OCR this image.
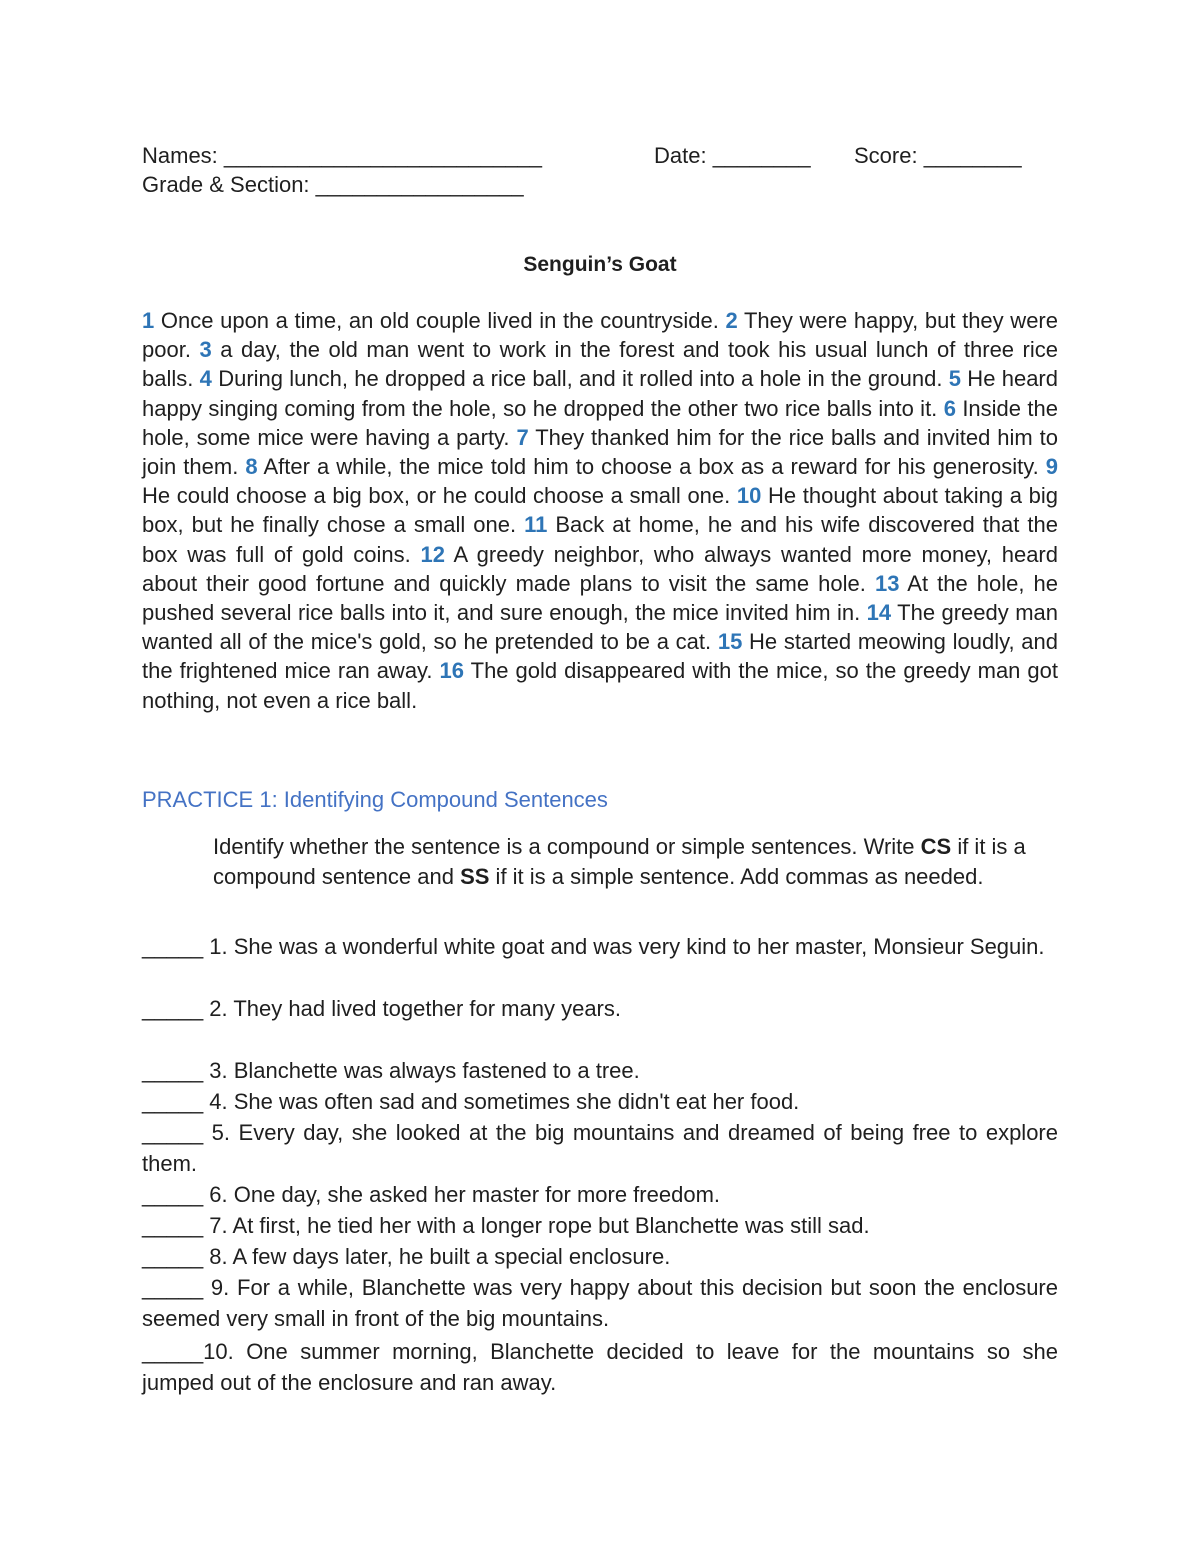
Names: __________________________	Date: ________ Score: ________
Grade & Section: _________________
Senguin’s Goat

1 Once upon a time, an old couple lived in the countryside. 2 They were happy, but they were poor. 3 a day, the old man went to work in the forest and took his usual lunch of three rice balls. 4 During lunch, he dropped a rice ball, and it rolled into a hole in the ground. 5 He heard happy singing coming from the hole, so he dropped the other two rice balls into it. 6 Inside the hole, some mice were having a party. 7 They thanked him for the rice balls and invited him to join them. 8 After a while, the mice told him to choose a box as a reward for his generosity. 9 He could choose a big box, or he could choose a small one. 10 He thought about taking a big box, but he finally chose a small one. 11 Back at home, he and his wife discovered that the box was full of gold coins. 12 A greedy neighbor, who always wanted more money, heard about their good fortune and quickly made plans to visit the same hole. 13 At the hole, he pushed several rice balls into it, and sure enough, the mice invited him in. 14 The greedy man wanted all of the mice's gold, so he pretended to be a cat. 15 He started meowing loudly, and the frightened mice ran away. 16 The gold disappeared with the mice, so the greedy man got nothing, not even a rice ball.

PRACTICE 1: Identifying Compound Sentences

Identify whether the sentence is a compound or simple sentences. Write CS if it is a compound sentence and SS if it is a simple sentence. Add commas as needed.

_____ 1. She was a wonderful white goat and was very kind to her master, Monsieur Seguin.

_____ 2. They had lived together for many years.

_____ 3. Blanchette was always fastened to a tree.

_____ 4. She was often sad and sometimes she didn't eat her food.

_____ 5. Every day, she looked at the big mountains and dreamed of being free to explore them.

_____ 6. One day, she asked her master for more freedom.

_____ 7. At first, he tied her with a longer rope but Blanchette was still sad.

_____ 8. A few days later, he built a special enclosure.

_____ 9. For a while, Blanchette was very happy about this decision but soon the enclosure seemed very small in front of the big mountains.

_____10. One summer morning, Blanchette decided to leave for the mountains so she jumped out of the enclosure and ran away.
